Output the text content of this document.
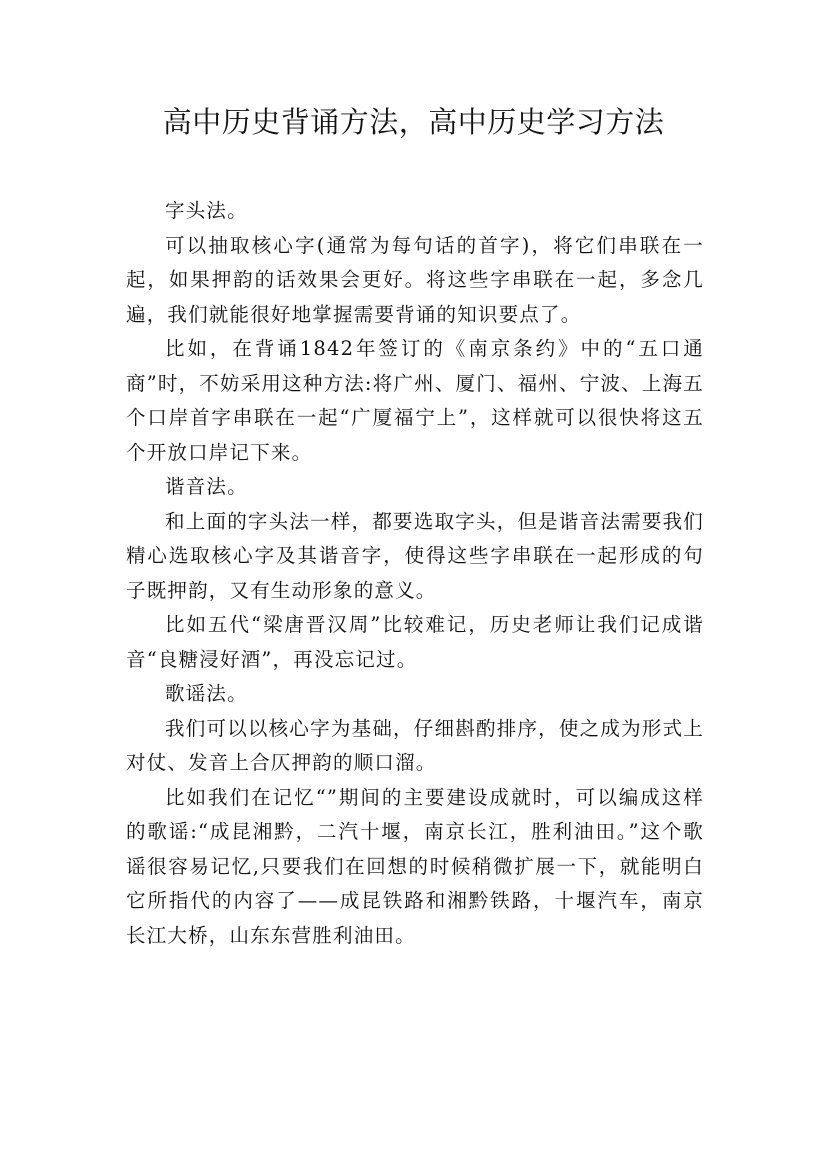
高中历史背诵方法，高中历史学习方法

字头法。

可以抽取核心字(通常为每句话的首字)，将它们串联在一起，如果押韵的话效果会更好。将这些字串联在一起，多念几遍，我们就能很好地掌握需要背诵的知识要点了。

比如，在背诵1842年签订的《南京条约》中的“五口通商”时，不妨采用这种方法:将广州、厦门、福州、宁波、上海五个口岸首字串联在一起“广厦福宁上”，这样就可以很快将这五个开放口岸记下来。

谐音法。

和上面的字头法一样，都要选取字头，但是谐音法需要我们精心选取核心字及其谐音字，使得这些字串联在一起形成的句子既押韵，又有生动形象的意义。

比如五代“梁唐晋汉周”比较难记，历史老师让我们记成谐音“良糖浸好酒”，再没忘记过。

歌谣法。

我们可以以核心字为基础，仔细斟酌排序，使之成为形式上对仗、发音上合仄押韵的顺口溜。

比如我们在记忆“”期间的主要建设成就时，可以编成这样的歌谣:“成昆湘黔，二汽十堰，南京长江，胜利油田。”这个歌谣很容易记忆,只要我们在回想的时候稍微扩展一下，就能明白它所指代的内容了——成昆铁路和湘黔铁路，十堰汽车，南京长江大桥，山东东营胜利油田。
